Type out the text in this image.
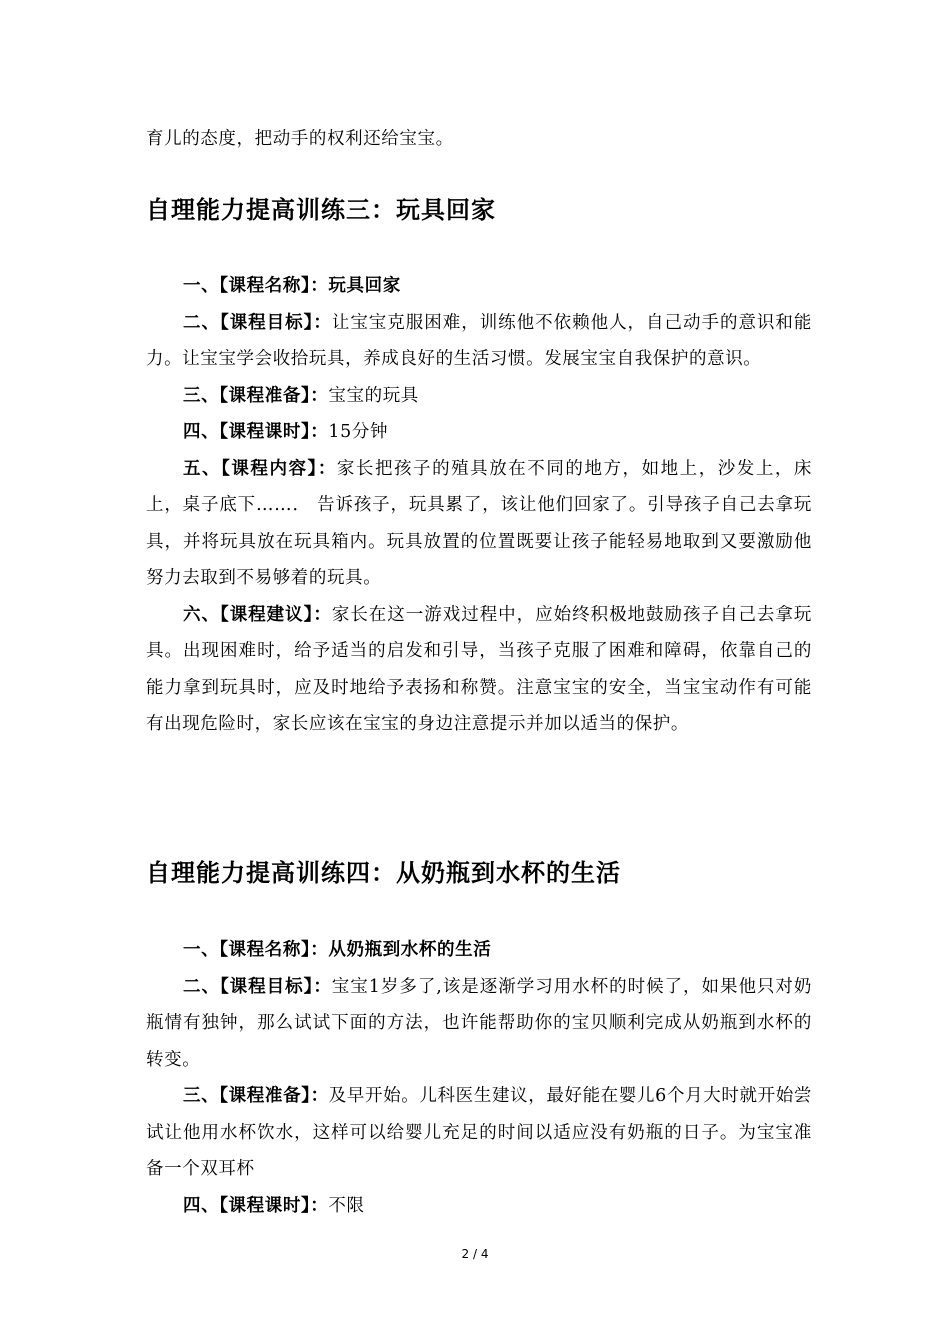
育儿的态度，把动手的权利还给宝宝。

自理能力提高训练三：玩具回家

一、【课程名称】：玩具回家

二、【课程目标】：让宝宝克服困难，训练他不依赖他人，自己动手的意识和能力。让宝宝学会收拾玩具，养成良好的生活习惯。发展宝宝自我保护的意识。

三、【课程准备】：宝宝的玩具

四、【课程课时】：15分钟

五、【课程内容】：家长把孩子的殖具放在不同的地方，如地上，沙发上，床上，桌子底下……． 告诉孩子，玩具累了，该让他们回家了。引导孩子自己去拿玩具，并将玩具放在玩具箱内。玩具放置的位置既要让孩子能轻易地取到又要激励他努力去取到不易够着的玩具。

六、【课程建议】：家长在这一游戏过程中，应始终积极地鼓励孩子自己去拿玩具。出现困难时，给予适当的启发和引导，当孩子克服了困难和障碍，依靠自己的能力拿到玩具时，应及时地给予表扬和称赞。注意宝宝的安全，当宝宝动作有可能有出现危险时，家长应该在宝宝的身边注意提示并加以适当的保护。

自理能力提高训练四：从奶瓶到水杯的生活

一、【课程名称】：从奶瓶到水杯的生活

二、【课程目标】：宝宝1岁多了,该是逐渐学习用水杯的时候了，如果他只对奶瓶情有独钟，那么试试下面的方法，也许能帮助你的宝贝顺利完成从奶瓶到水杯的转变。

三、【课程准备】：及早开始。儿科医生建议，最好能在婴儿6个月大时就开始尝试让他用水杯饮水，这样可以给婴儿充足的时间以适应没有奶瓶的日子。为宝宝准备一个双耳杯

四、【课程课时】：不限

2 / 4
